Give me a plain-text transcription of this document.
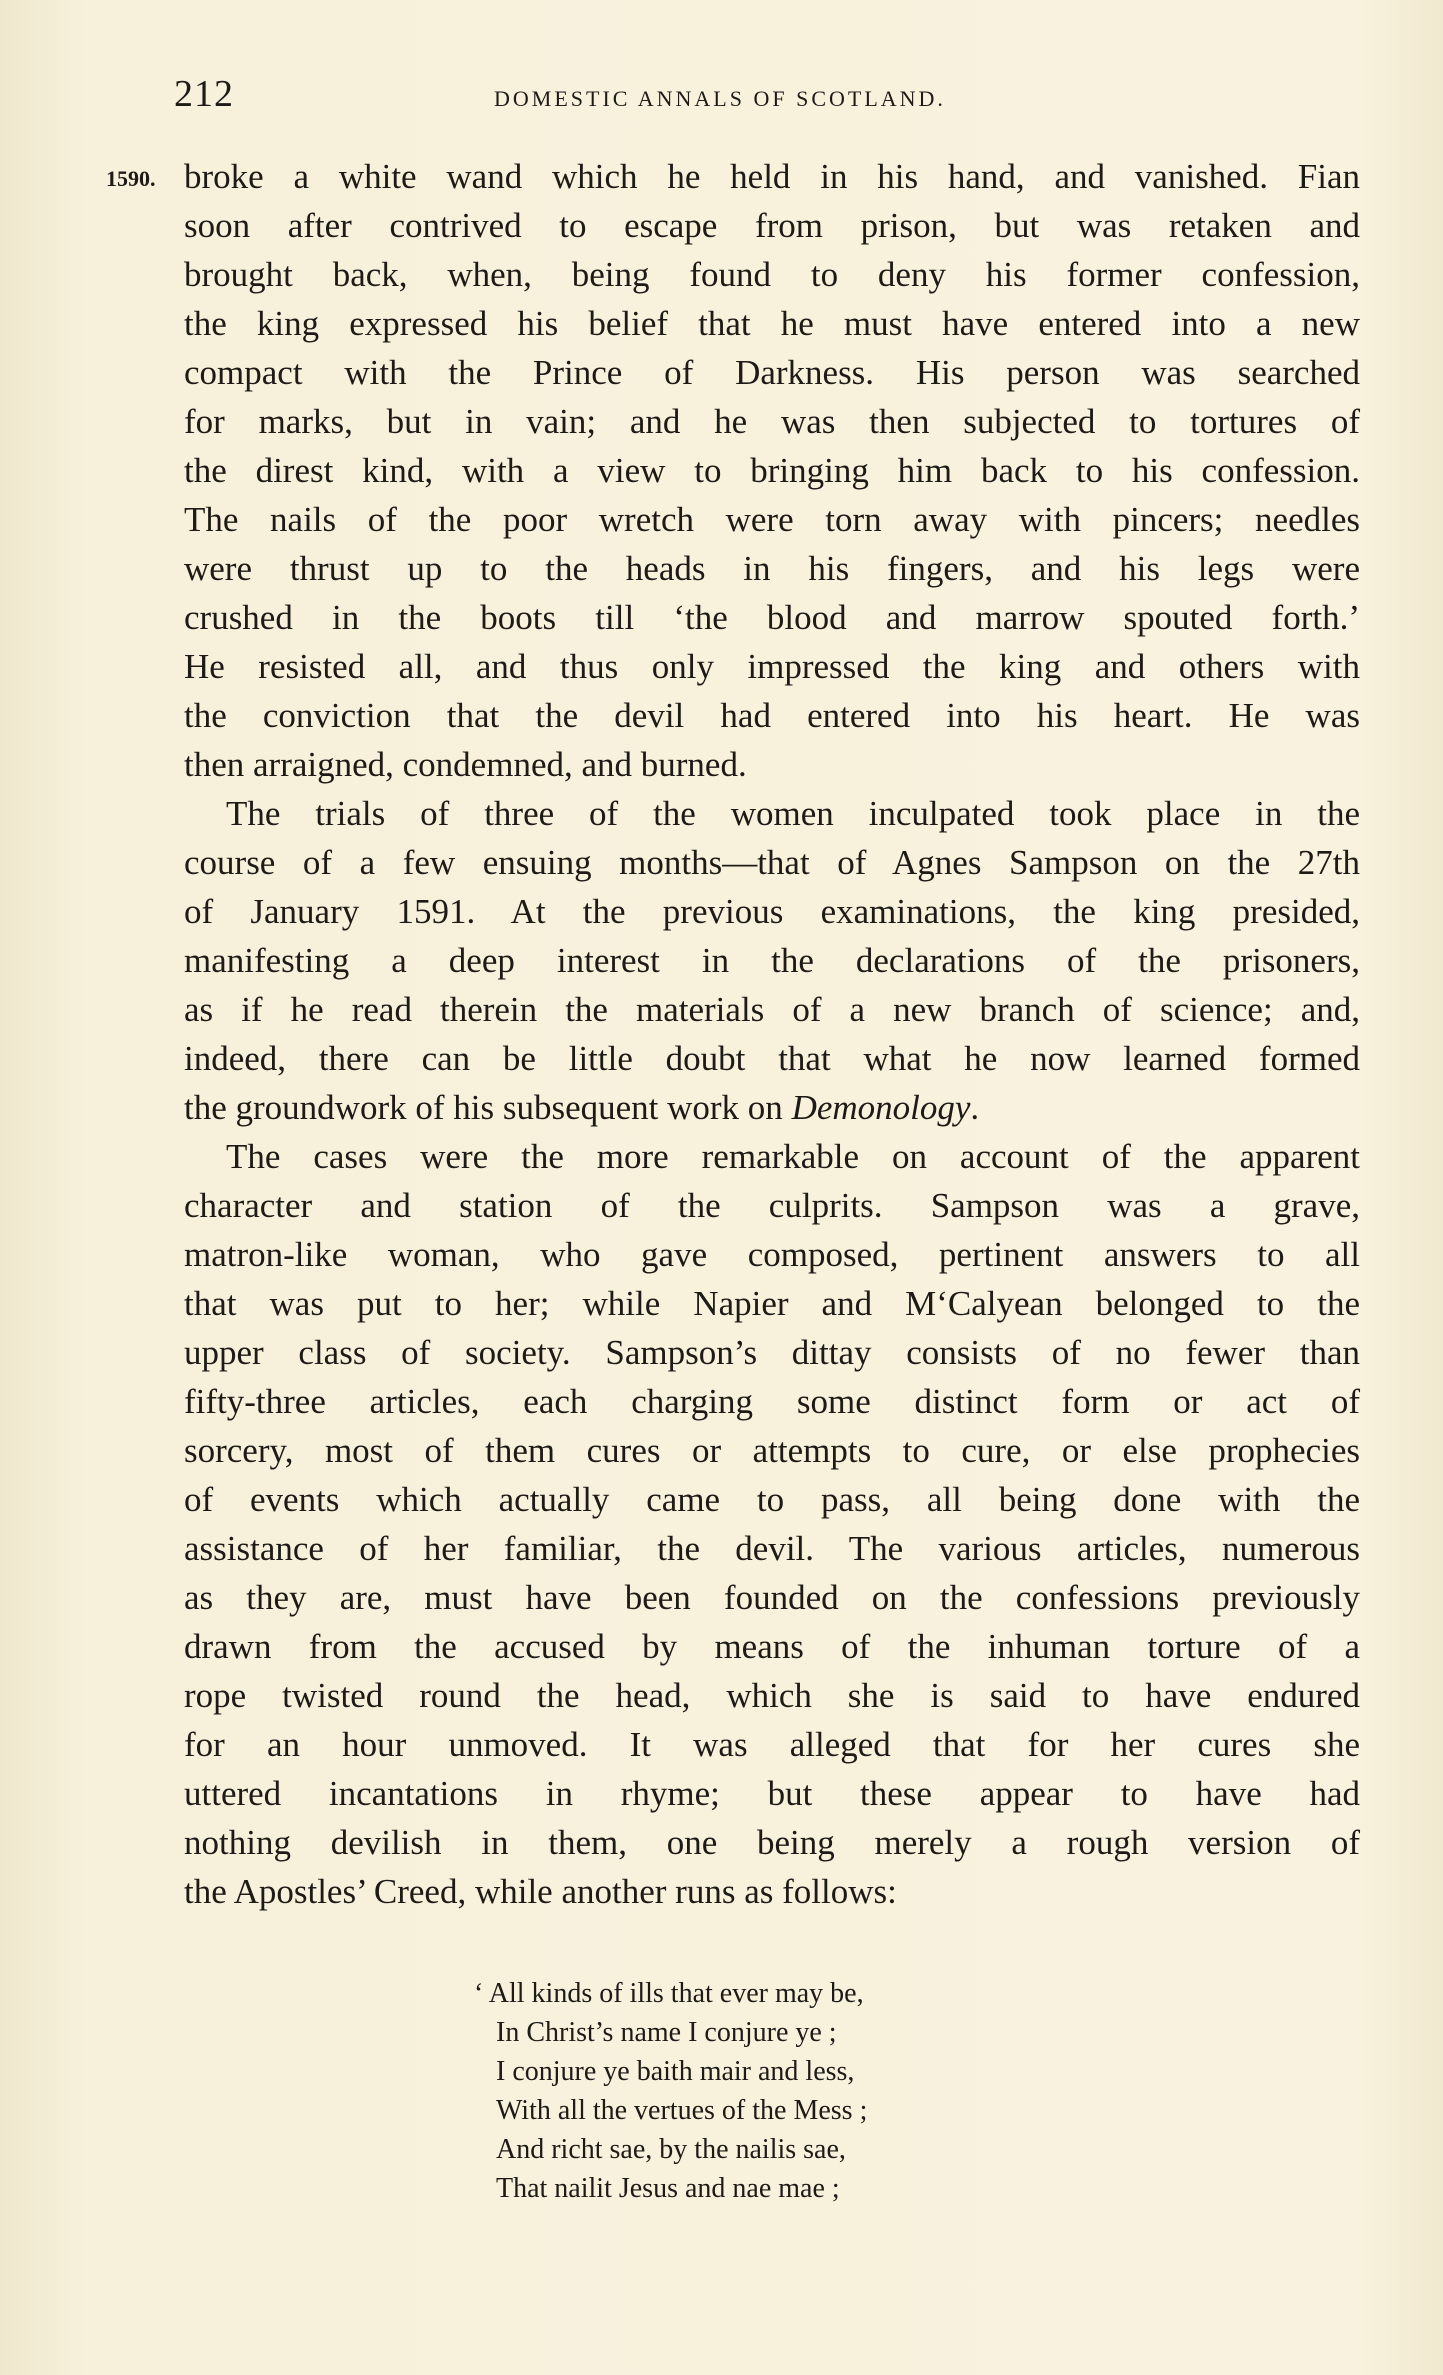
212	DOMESTIC ANNALS OF SCOTLAND.
1590. broke a white wand which he held in his hand, and vanished. Fian
soon after contrived to escape from prison, but was retaken and
brought back, when, being found to deny his former confession,
the king expressed his belief that he must have entered into a new
compact with the Prince of Darkness. His person was searched
for marks, but in vain; and he was then subjected to tortures of
the direst kind, with a view to bringing him back to his confession.
The nails of the poor wretch were torn away with pincers; needles
were thrust up to the heads in his fingers, and his legs were
crushed in the boots till ‘the blood and marrow spouted forth.’
He resisted all, and thus only impressed the king and others with
the conviction that the devil had entered into his heart. He was
then arraigned, condemned, and burned.
The trials of three of the women inculpated took place in the
course of a few ensuing months—that of Agnes Sampson on the 27th
of January 1591. At the previous examinations, the king presided,
manifesting a deep interest in the declarations of the prisoners,
as if he read therein the materials of a new branch of science; and,
indeed, there can be little doubt that what he now learned formed
the groundwork of his subsequent work on Demonology.
The cases were the more remarkable on account of the apparent
character and station of the culprits. Sampson was a grave,
matron-like woman, who gave composed, pertinent answers to all
that was put to her; while Napier and M‘Calyean belonged to the
upper class of society. Sampson’s dittay consists of no fewer than
fifty-three articles, each charging some distinct form or act of
sorcery, most of them cures or attempts to cure, or else prophecies
of events which actually came to pass, all being done with the
assistance of her familiar, the devil. The various articles, numerous
as they are, must have been founded on the confessions previously
drawn from the accused by means of the inhuman torture of a
rope twisted round the head, which she is said to have endured
for an hour unmoved. It was alleged that for her cures she
uttered incantations in rhyme; but these appear to have had
nothing devilish in them, one being merely a rough version of
the Apostles’ Creed, while another runs as follows:
‘ All kinds of ills that ever may be,
In Christ’s name I conjure ye ;
I conjure ye baith mair and less,
With all the vertues of the Mess ;
And richt sae, by the nailis sae,
That nailit Jesus and nae mae ;
